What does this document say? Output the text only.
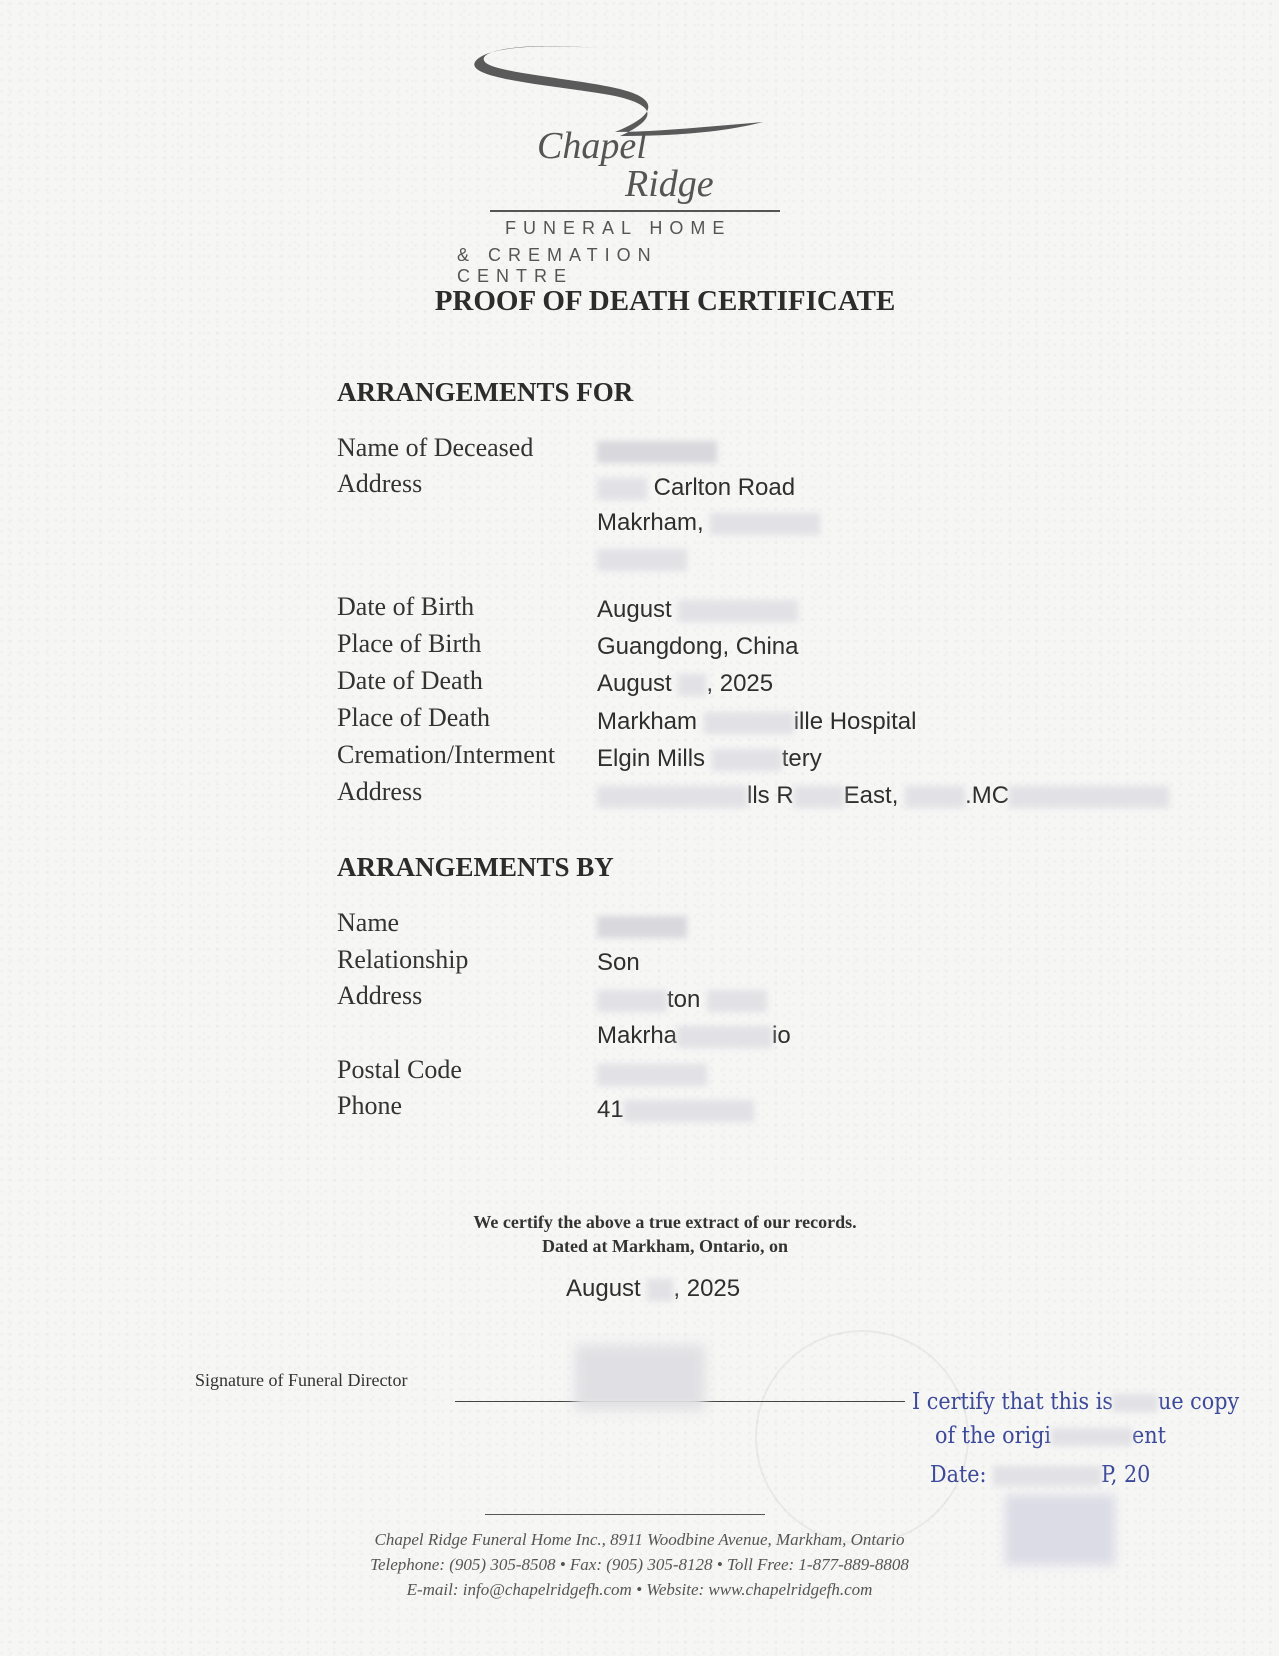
Chapel
Ridge
FUNERAL HOME
& CREMATION CENTRE
PROOF OF DEATH CERTIFICATE
ARRANGEMENTS FOR
Name of Deceased
Address	Carlton Road
Makrham,
Date of Birth	August
Place of Birth	Guangdong, China
Date of Death	August , 2025
Place of Death	Markham	ille Hospital
Cremation/Interment Elgin Mills	tery
Address	lls R East,	.MC
ARRANGEMENTS BY
Name
Relationship	Son
Address	ton
Makrha	io
Postal Code
Phone	41
We certify the above a true extract of our records.
Dated at Markham, Ontario, on
August , 2025
Signature of Funeral Director
I certify that this is ue copy
of the origi	ent
Date:	P, 20
Chapel Ridge Funeral Home Inc., 8911 Woodbine Avenue, Markham, Ontario
Telephone: (905) 305-8508 • Fax: (905) 305-8128 • Toll Free: 1-877-889-8808
E-mail: info@chapelridgefh.com • Website: www.chapelridgefh.com
